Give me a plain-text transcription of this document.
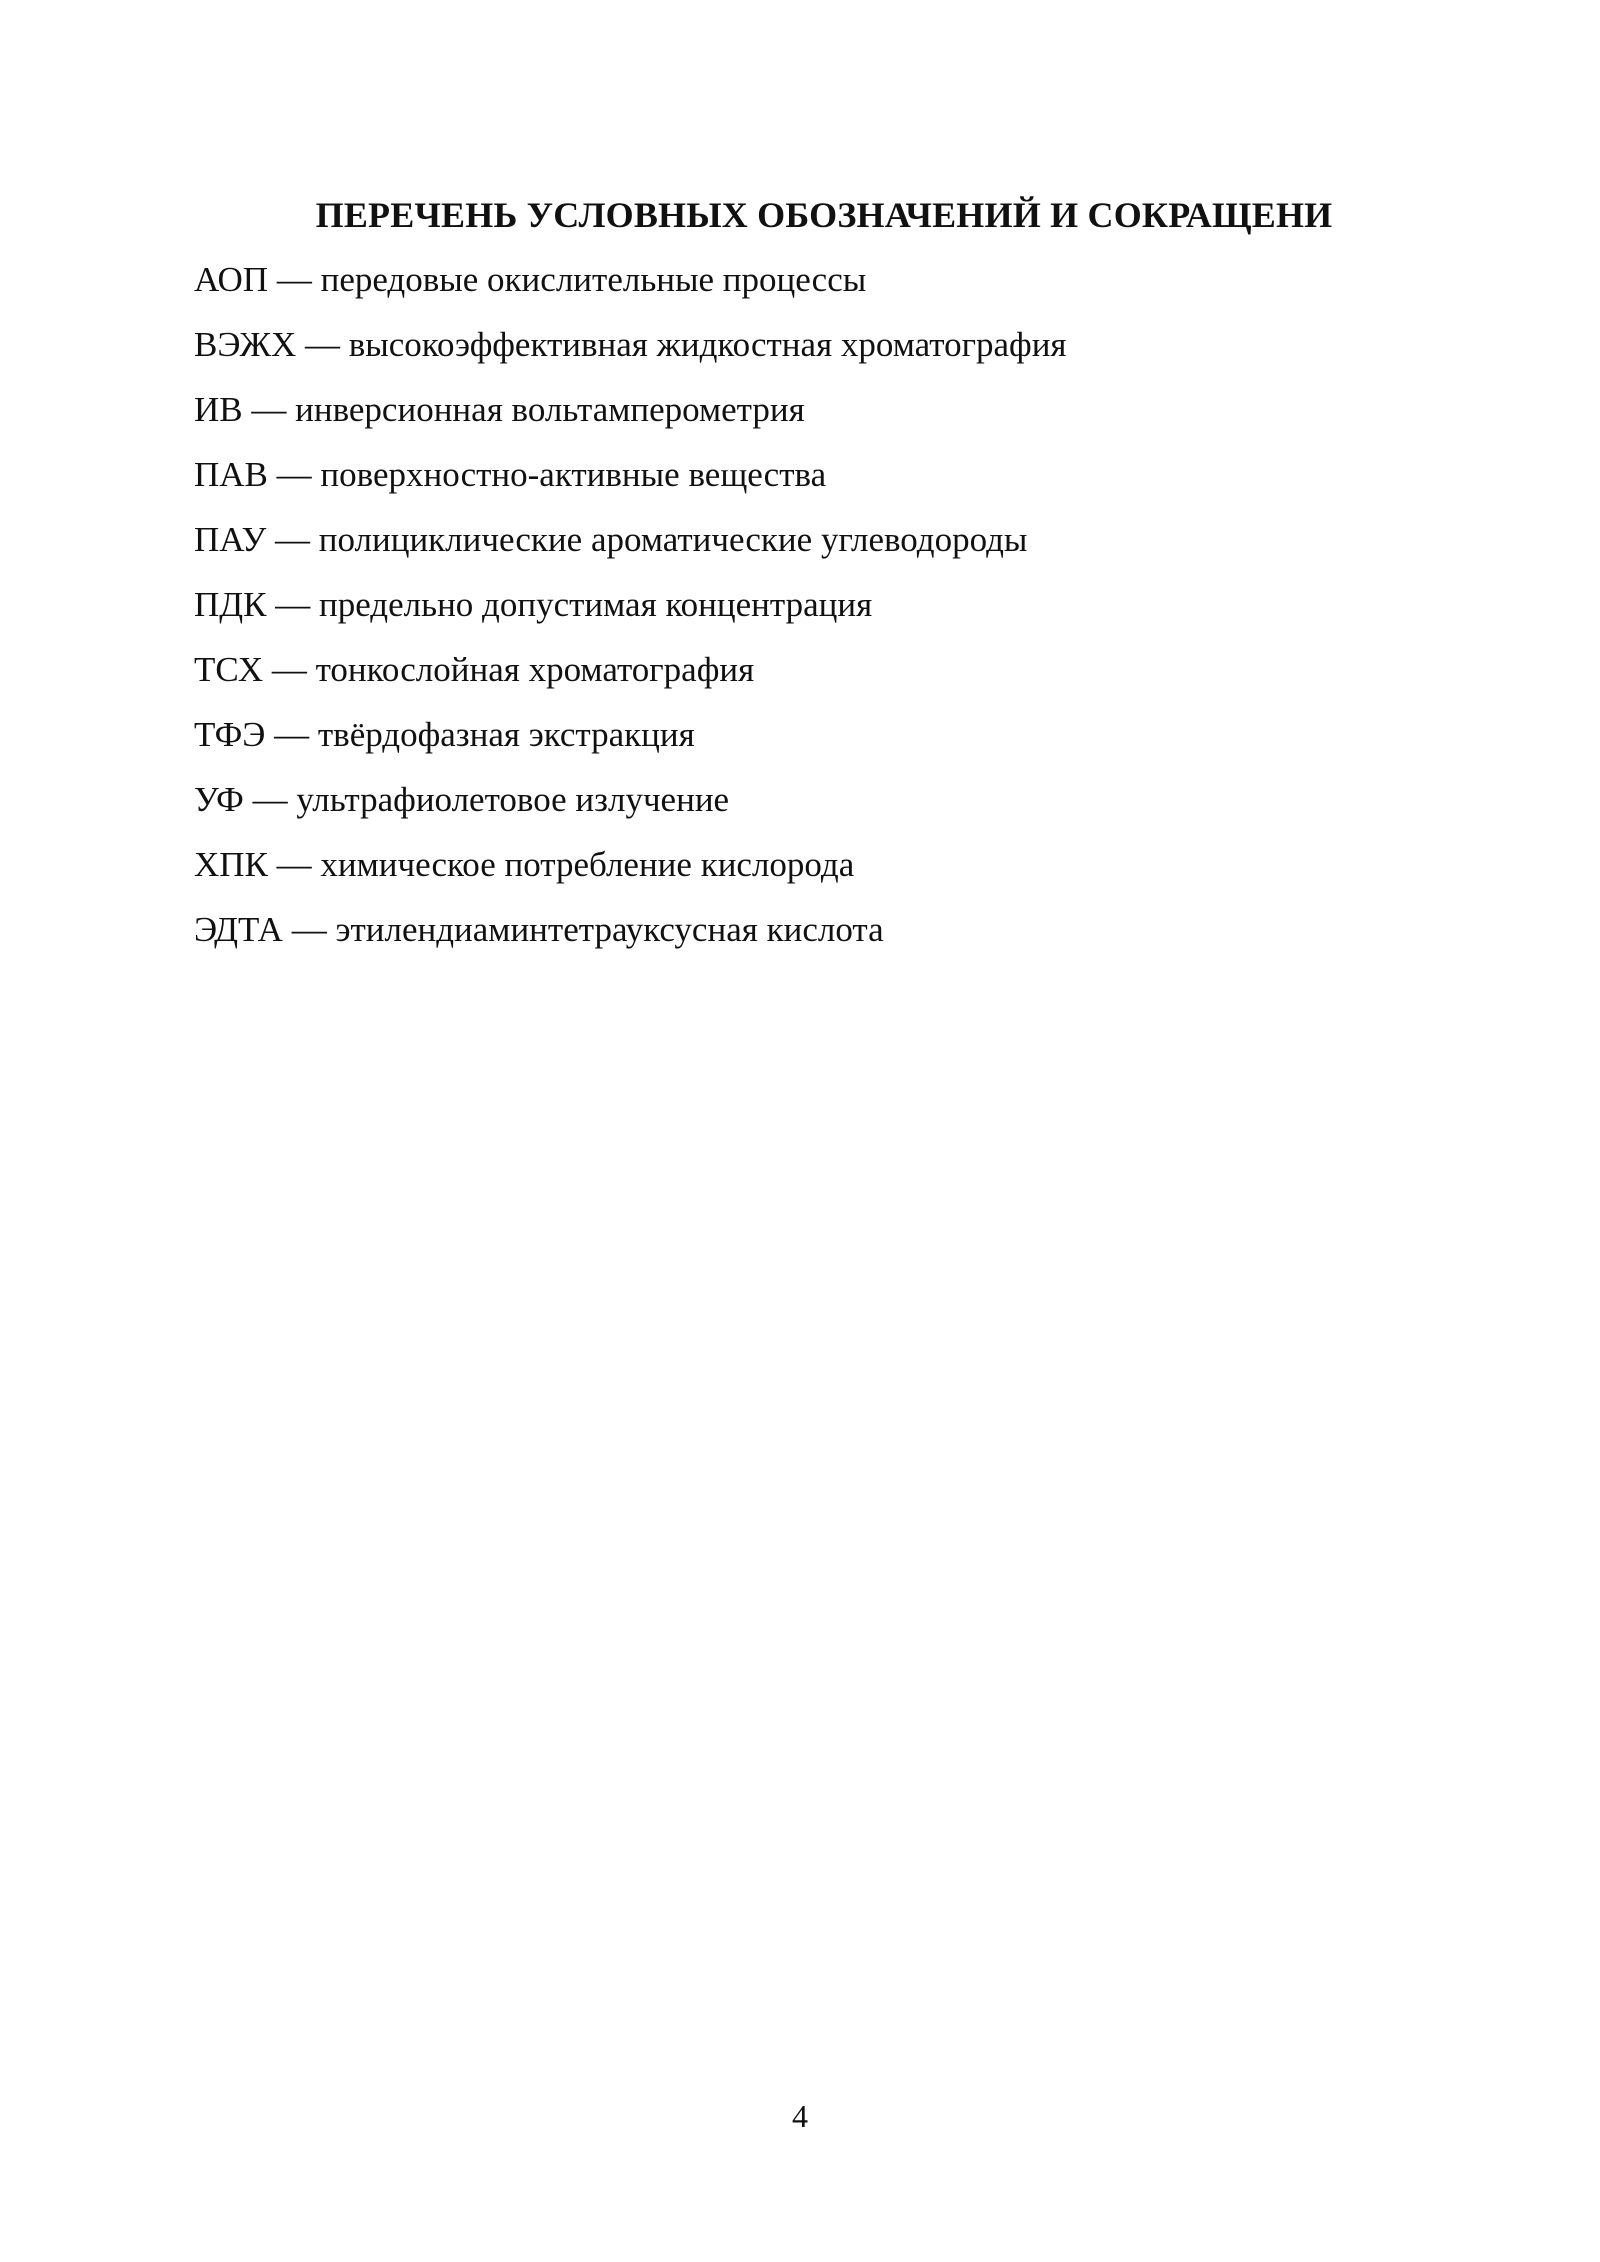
ПЕРЕЧЕНЬ УСЛОВНЫХ ОБОЗНАЧЕНИЙ И СОКРАЩЕНИ
АОП — передовые окислительные процессы
ВЭЖХ — высокоэффективная жидкостная хроматография
ИВ — инверсионная вольтамперометрия
ПАВ — поверхностно-активные вещества
ПАУ — полициклические ароматические углеводороды
ПДК — предельно допустимая концентрация
ТСХ — тонкослойная хроматография
ТФЭ — твёрдофазная экстракция
УФ — ультрафиолетовое излучение
ХПК — химическое потребление кислорода
ЭДТА — этилендиаминтетрауксусная кислота
4
